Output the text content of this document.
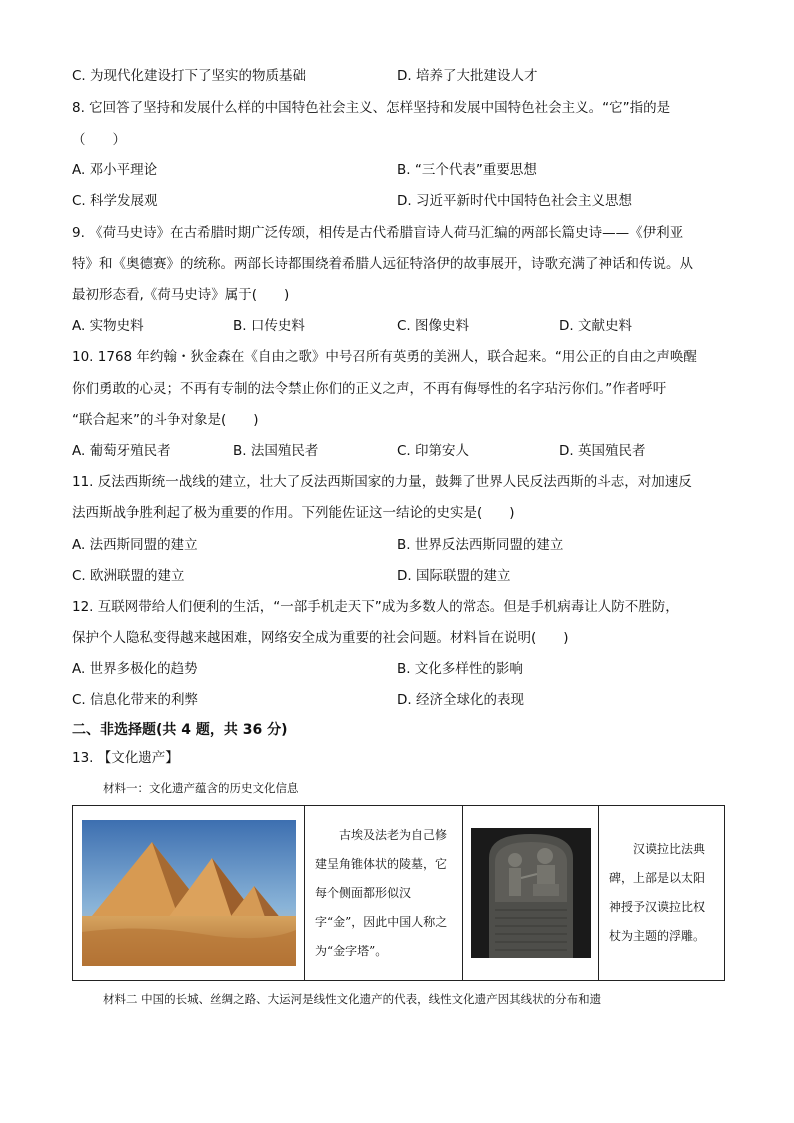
C. 为现代化建设打下了坚实的物质基础	D. 培养了大批建设人才
8. 它回答了坚持和发展什么样的中国特色社会主义、怎样坚持和发展中国特色社会主义。“它”指的是
（　　）
A. 邓小平理论	B. “三个代表”重要思想
C. 科学发展观	D. 习近平新时代中国特色社会主义思想
9. 《荷马史诗》在古希腊时期广泛传颂，相传是古代希腊盲诗人荷马汇编的两部长篇史诗——《伊利亚
特》和《奥德赛》的统称。两部长诗都围绕着希腊人远征特洛伊的故事展开，诗歌充满了神话和传说。从
最初形态看,《荷马史诗》属于(　　)
A. 实物史料	B. 口传史料	C. 图像史料	D. 文献史料
10. 1768 年约翰・狄金森在《自由之歌》中号召所有英勇的美洲人，联合起来。“用公正的自由之声唤醒
你们勇敢的心灵；不再有专制的法令禁止你们的正义之声，不再有侮辱性的名字玷污你们。”作者呼吁
“联合起来”的斗争对象是(　　)
A. 葡萄牙殖民者	B. 法国殖民者	C. 印第安人	D. 英国殖民者
11. 反法西斯统一战线的建立，壮大了反法西斯国家的力量，鼓舞了世界人民反法西斯的斗志，对加速反
法西斯战争胜利起了极为重要的作用。下列能佐证这一结论的史实是(　　)
A. 法西斯同盟的建立	B. 世界反法西斯同盟的建立
C. 欧洲联盟的建立	D. 国际联盟的建立
12. 互联网带给人们便利的生活，“一部手机走天下”成为多数人的常态。但是手机病毒让人防不胜防，
保护个人隐私变得越来越困难，网络安全成为重要的社会问题。材料旨在说明(　　)
A. 世界多极化的趋势	B. 文化多样性的影响
C. 信息化带来的利弊	D. 经济全球化的表现
二、非选择题(共 4 题，共 36 分)
13. 【文化遗产】
材料一：文化遗产蕴含的历史文化信息

古埃及法老为自己修建呈角锥体状的陵墓，它每个侧面都形似汉字“金”，因此中国人称之为“金字塔”。

汉谟拉比法典碑，上部是以太阳神授予汉谟拉比权杖为主题的浮雕。
材料二 中国的长城、丝绸之路、大运河是线性文化遗产的代表，线性文化遗产因其线状的分布和遗
